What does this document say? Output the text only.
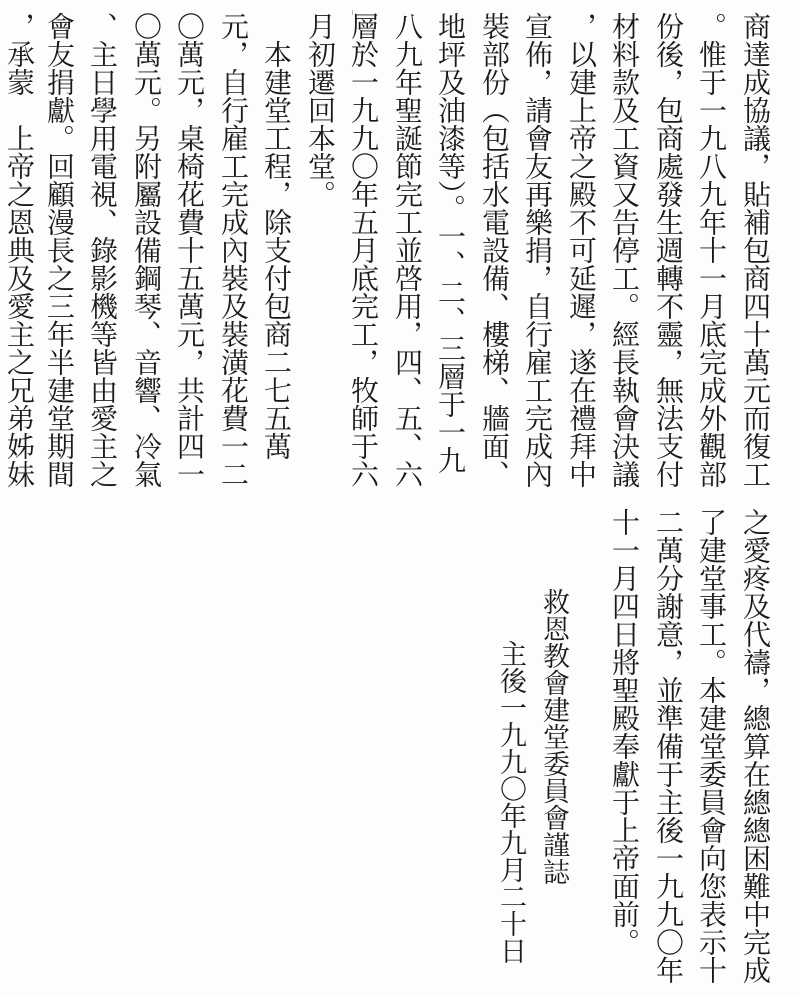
商達成協議，貼補包商四十萬元而復工

。惟于一九八九年十一月底完成外觀部

份後，包商處發生週轉不靈，無法支付

材料款及工資又告停工。經長執會決議

，以建上帝之殿不可延遲，遂在禮拜中

宣佈，請會友再樂捐，自行雇工完成內

裝部份（包括水電設備、樓梯、牆面、

地坪及油漆等）。一、二、三層于一九

八九年聖誕節完工並啓用，四、五、六

層於一九九〇年五月底完工，牧師于六

月初遷回本堂。

　本建堂工程，除支付包商二七五萬

元，自行雇工完成內裝及裝潢花費一二

〇萬元，桌椅花費十五萬元，共計四一

〇萬元。另附屬設備鋼琴、音響、冷氣

、主日學用電視、錄影機等皆由愛主之

會友捐獻。回顧漫長之三年半建堂期間

，承蒙　上帝之恩典及愛主之兄弟姊妹

之愛疼及代禱，總算在總總困難中完成

了建堂事工。本建堂委員會向您表示十

二萬分謝意，並準備于主後一九九〇年

十一月四日將聖殿奉獻于上帝面前。

救恩教會建堂委員會謹誌

主後一九九〇年九月二十日
